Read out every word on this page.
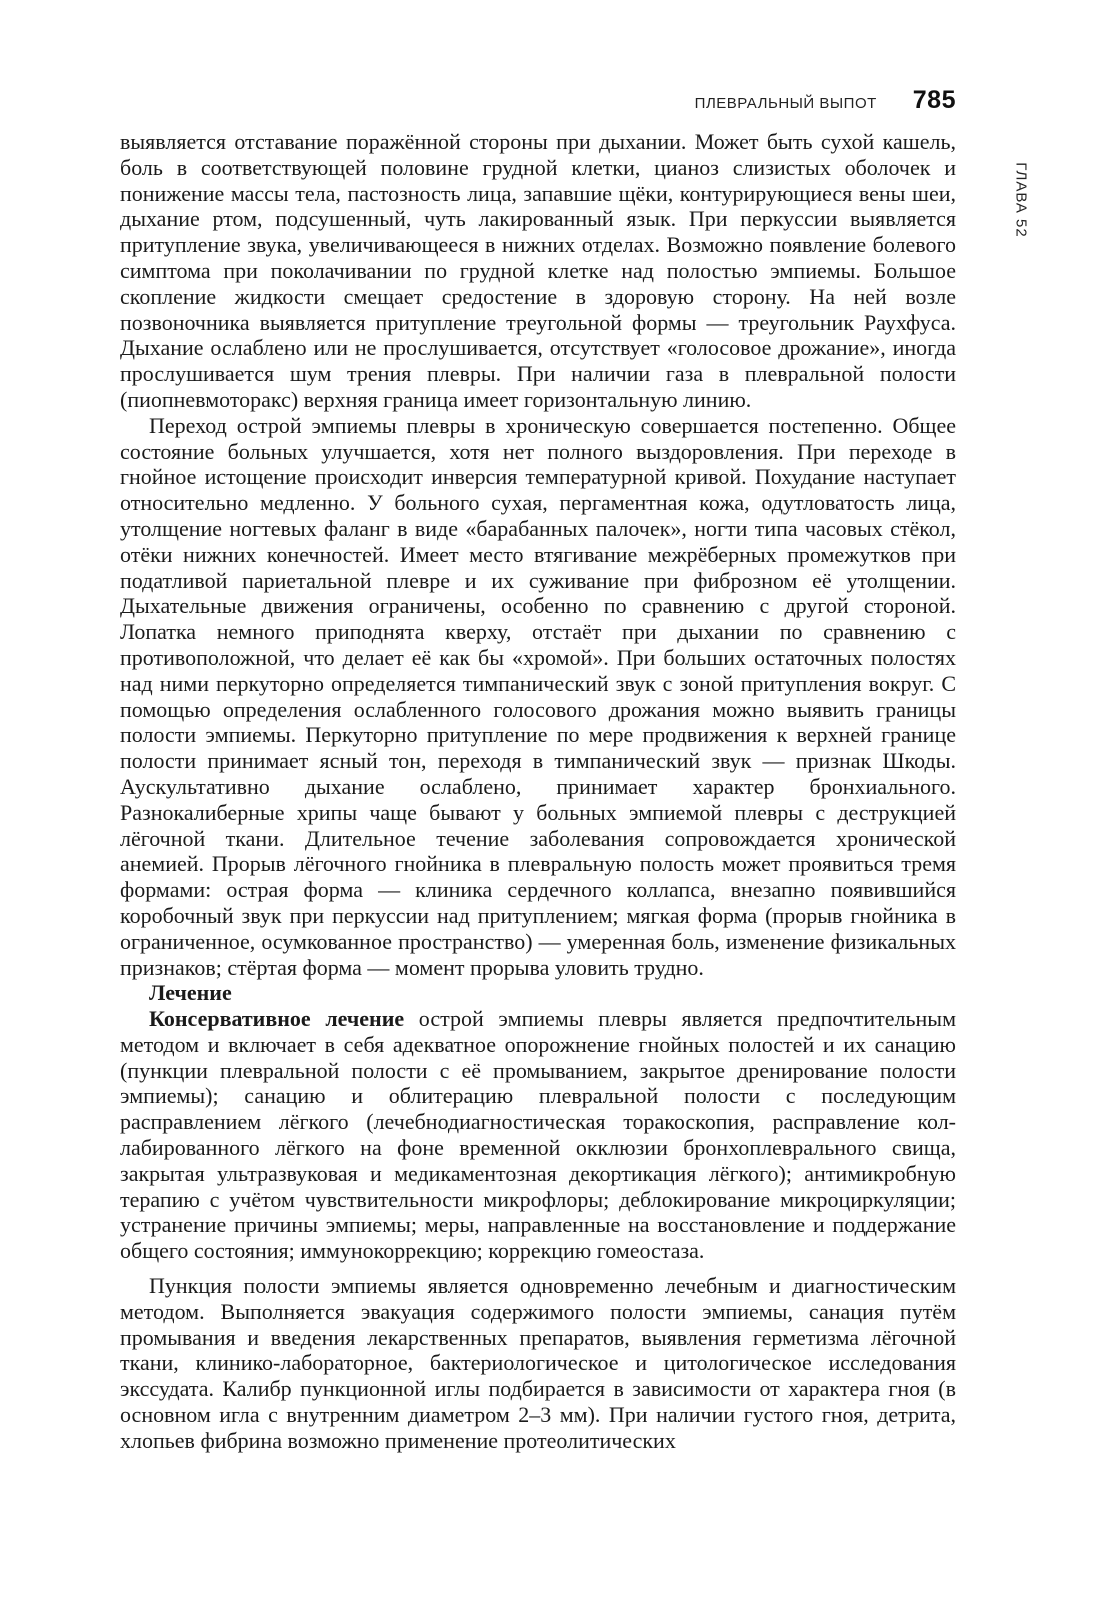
ПЛЕВРАЛЬНЫЙ ВЫПОТ 785
ГЛАВА 52

выявляется отставание поражённой стороны при дыхании. Может быть сухой кашель, боль в соответствующей половине грудной клетки, цианоз слизистых оболочек и понижение массы тела, пастозность лица, запавшие щёки, контурирующиеся вены шеи, дыхание ртом, подсушенный, чуть лакированный язык. При перкуссии выявляется притупление звука, увеличивающееся в нижних отделах. Возможно появление болевого симптома при поколачивании по грудной клетке над полостью эмпиемы. Большое скопление жидкости смещает средостение в здоровую сторону. На ней возле позвоночника выявляется притупление треугольной формы — треугольник Раухфуса. Дыхание ослаблено или не прослушивается, отсутствует «голосовое дрожание», иногда прослушивается шум трения плевры. При наличии газа в плевральной полости (пиопневмоторакс) верхняя граница имеет горизонтальную линию.

Переход острой эмпиемы плевры в хроническую совершается постепенно. Общее состояние больных улучшается, хотя нет полного выздоровления. При переходе в гнойное истощение происходит инверсия температурной кривой. Похудание наступает относительно медленно. У больного сухая, пергаментная кожа, одутловатость лица, утолщение ногтевых фаланг в виде «барабанных палочек», ногти типа часовых стёкол, отёки нижних конечностей. Имеет место втягивание межрёберных промежутков при податливой париетальной плевре и их суживание при фиброзном её утолщении. Дыхательные движения ограничены, особенно по сравнению с другой стороной. Лопатка немного приподнята кверху, отстаёт при дыхании по сравнению с противоположной, что делает её как бы «хромой». При больших остаточных полостях над ними перкуторно определяется тимпанический звук с зоной притупления вокруг. С помощью определения ослабленного голосового дрожания можно выявить границы полости эмпиемы. Перкуторно притупление по мере продвижения к верхней границе полости принимает ясный тон, переходя в тимпанический звук — признак Шкоды. Аускультативно дыхание ослаблено, принимает характер бронхиального. Разнокалиберные хрипы чаще бывают у больных эмпиемой плевры с деструкцией лёгочной ткани. Длительное течение заболевания сопровождается хронической анемией. Прорыв лёгочного гнойника в плевральную полость может проявиться тремя формами: острая форма — клиника сердечного коллапса, внезапно появившийся коробочный звук при перкуссии над притуплением; мягкая форма (прорыв гнойника в ограниченное, осумкованное пространство) — умеренная боль, изменение физикальных признаков; стёртая форма — момент прорыва уловить трудно.

Лечение

Консервативное лечение острой эмпиемы плевры является предпочтительным методом и включает в себя адекватное опорожнение гнойных полостей и их санацию (пункции плевральной полости с её промыванием, закрытое дренирование полости эмпиемы); санацию и облитерацию плевральной полости с последующим расправлением лёгкого (лечебнодиагностическая торакоскопия, расправление коллабированного лёгкого на фоне временной окклюзии бронхоплеврального свища, закрытая ультразвуковая и медикаментозная декортикация лёгкого); антимикробную терапию с учётом чувствительности микрофлоры; деблокирование микроциркуляции; устранение причины эмпиемы; меры, направленные на восстановление и поддержание общего состояния; иммунокоррекцию; коррекцию гомеостаза.

Пункция полости эмпиемы является одновременно лечебным и диагностическим методом. Выполняется эвакуация содержимого полости эмпиемы, санация путём промывания и введения лекарственных препаратов, выявления герметизма лёгочной ткани, клинико-лабораторное, бактериологическое и цитологическое исследования экссудата. Калибр пункционной иглы подбирается в зависимости от характера гноя (в основном игла с внутренним диаметром 2–3 мм). При наличии густого гноя, детрита, хлопьев фибрина возможно применение протеолитических
